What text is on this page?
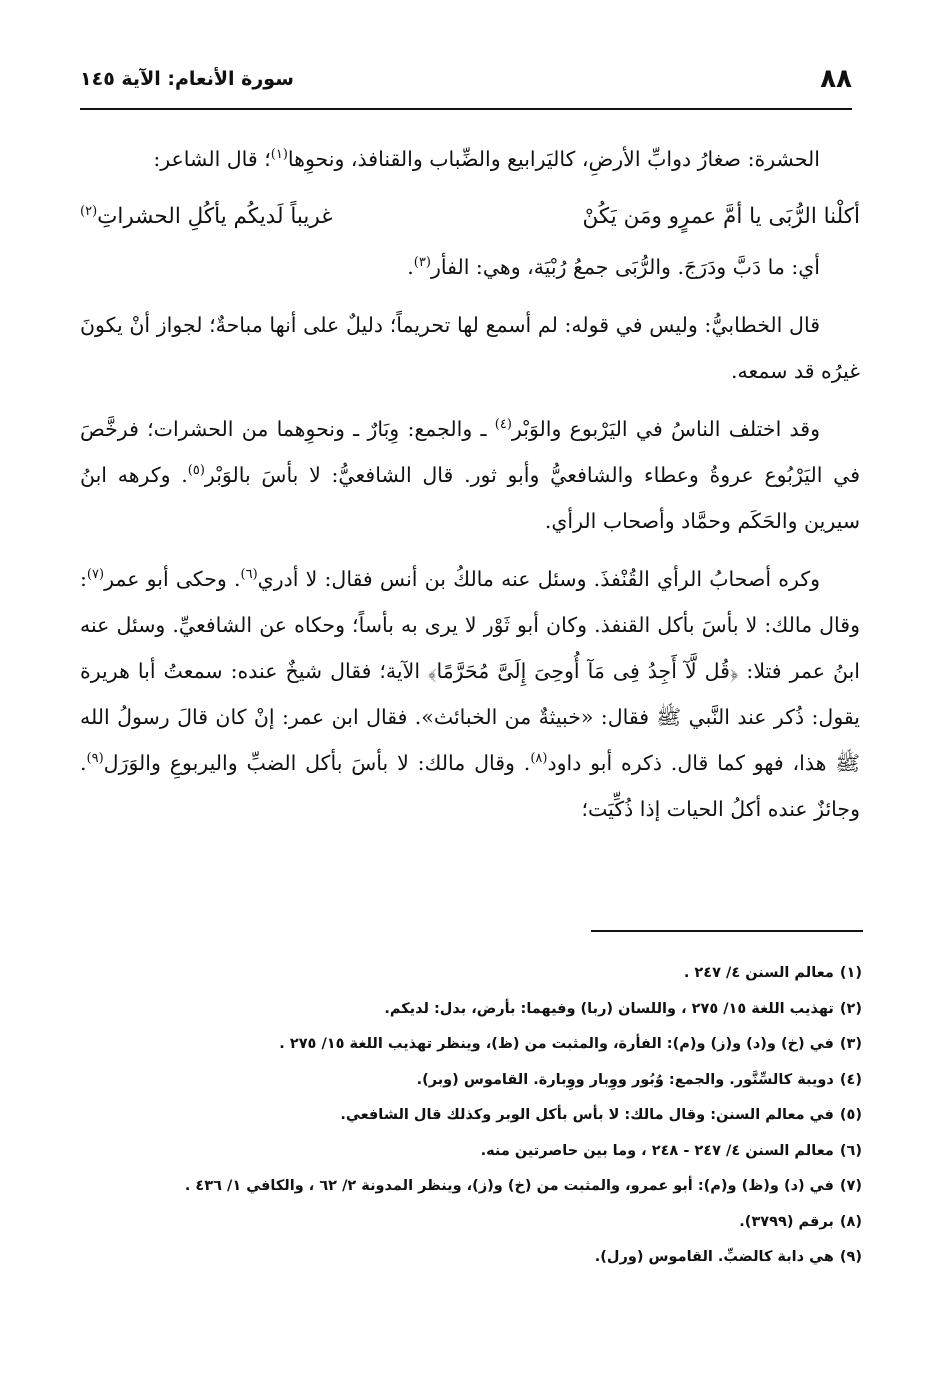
٨٨
سورة الأنعام: الآية ١٤٥

الحشرة: صغارُ دوابِّ الأرضِ، كاليَرابيع والضِّباب والقنافذ، ونحوِها$^{(١)}$؛ قال الشاعر:

أكلْنا الرُّبَى يا أمَّ عمرٍو ومَن يَكُنْ
غريباً لَديكُم يأكُلِ الحشراتِ$^{(٢)}$

أي: ما دَبَّ ودَرَجَ. والرُّبَى جمعُ رُبْيَة، وهي: الفأر$^{(٣)}$.

قال الخطابيُّ: وليس في قوله: لم أسمع لها تحريماً؛ دليلٌ على أنها مباحةٌ؛ لجواز أنْ يكونَ غيرُه قد سمعه.

وقد اختلف الناسُ في اليَرْبوع والوَبْر$^{(٤)}$ ـ والجمع: وِبَارٌ ـ ونحوِهما من الحشرات؛ فرخَّصَ في اليَرْبُوع عروةُ وعطاء والشافعيُّ وأبو ثور. قال الشافعيُّ: لا بأسَ بالوَبْر$^{(٥)}$. وكرهه ابنُ سيرين والحَكَم وحمَّاد وأصحاب الرأي.

وكره أصحابُ الرأي القُنْفذَ. وسئل عنه مالكُ بن أنس فقال: لا أدري$^{(٦)}$. وحكى أبو عمر$^{(٧)}$: وقال مالك: لا بأسَ بأكل القنفذ. وكان أبو ثَوْر لا يرى به بأساً؛ وحكاه عن الشافعيِّ. وسئل عنه ابنُ عمر فتلا: ﴿قُل لَّآ أَجِدُ فِى مَآ أُوحِىَ إِلَىَّ مُحَرَّمًا﴾ الآية؛ فقال شيخٌ عنده: سمعتُ أبا هريرة يقول: ذُكر عند النَّبي ﷺ فقال: «خبيثةٌ من الخبائث». فقال ابن عمر: إنْ كان قالَ رسولُ الله ﷺ هذا، فهو كما قال. ذكره أبو داود$^{(٨)}$. وقال مالك: لا بأسَ بأكل الضبِّ واليربوعِ والوَرَل$^{(٩)}$. وجائزٌ عنده أكلُ الحيات إذا ذُكِّيَت؛

(١)معالم السنن ٤/ ٢٤٧ .
(٢)تهذيب اللغة ١٥/ ٢٧٥ ، واللسان (ربا) وفيهما: بأرض، بدل: لديكم.
(٣)في (خ) و(د) و(ز) و(م): الفأرة، والمثبت من (ظ)، وينظر تهذيب اللغة ١٥/ ٢٧٥ .
(٤)دويبة كالسِّنَّور. والجمع: وُبُور ووِبار ووِبارة. القاموس (وبر).
(٥)في معالم السنن: وقال مالك: لا بأس بأكل الوبر وكذلك قال الشافعي.
(٦)معالم السنن ٤/ ٢٤٧ - ٢٤٨ ، وما بين حاصرتين منه.
(٧)في (د) و(ظ) و(م): أبو عمرو، والمثبت من (خ) و(ز)، وينظر المدونة ٢/ ٦٢ ، والكافي ١/ ٤٣٦ .
(٨)برقم (٣٧٩٩).
(٩)هي دابة كالضبِّ. القاموس (ورل).
